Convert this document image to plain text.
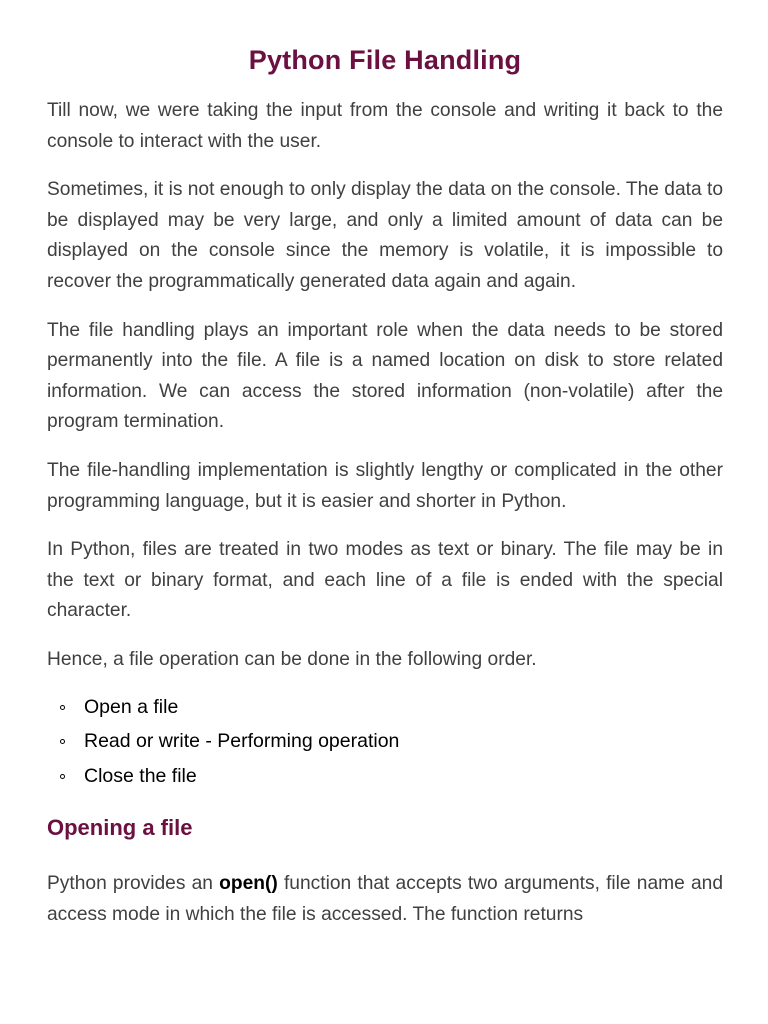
Python File Handling

Till now, we were taking the input from the console and writing it back to the console to interact with the user.

Sometimes, it is not enough to only display the data on the console. The data to be displayed may be very large, and only a limited amount of data can be displayed on the console since the memory is volatile, it is impossible to recover the programmatically generated data again and again.

The file handling plays an important role when the data needs to be stored permanently into the file. A file is a named location on disk to store related information. We can access the stored information (non-volatile) after the program termination.

The file-handling implementation is slightly lengthy or complicated in the other programming language, but it is easier and shorter in Python.

In Python, files are treated in two modes as text or binary. The file may be in the text or binary format, and each line of a file is ended with the special character.

Hence, a file operation can be done in the following order.

Open a file
Read or write - Performing operation
Close the file
Opening a file

Python provides an open() function that accepts two arguments, file name and access mode in which the file is accessed. The function returns
